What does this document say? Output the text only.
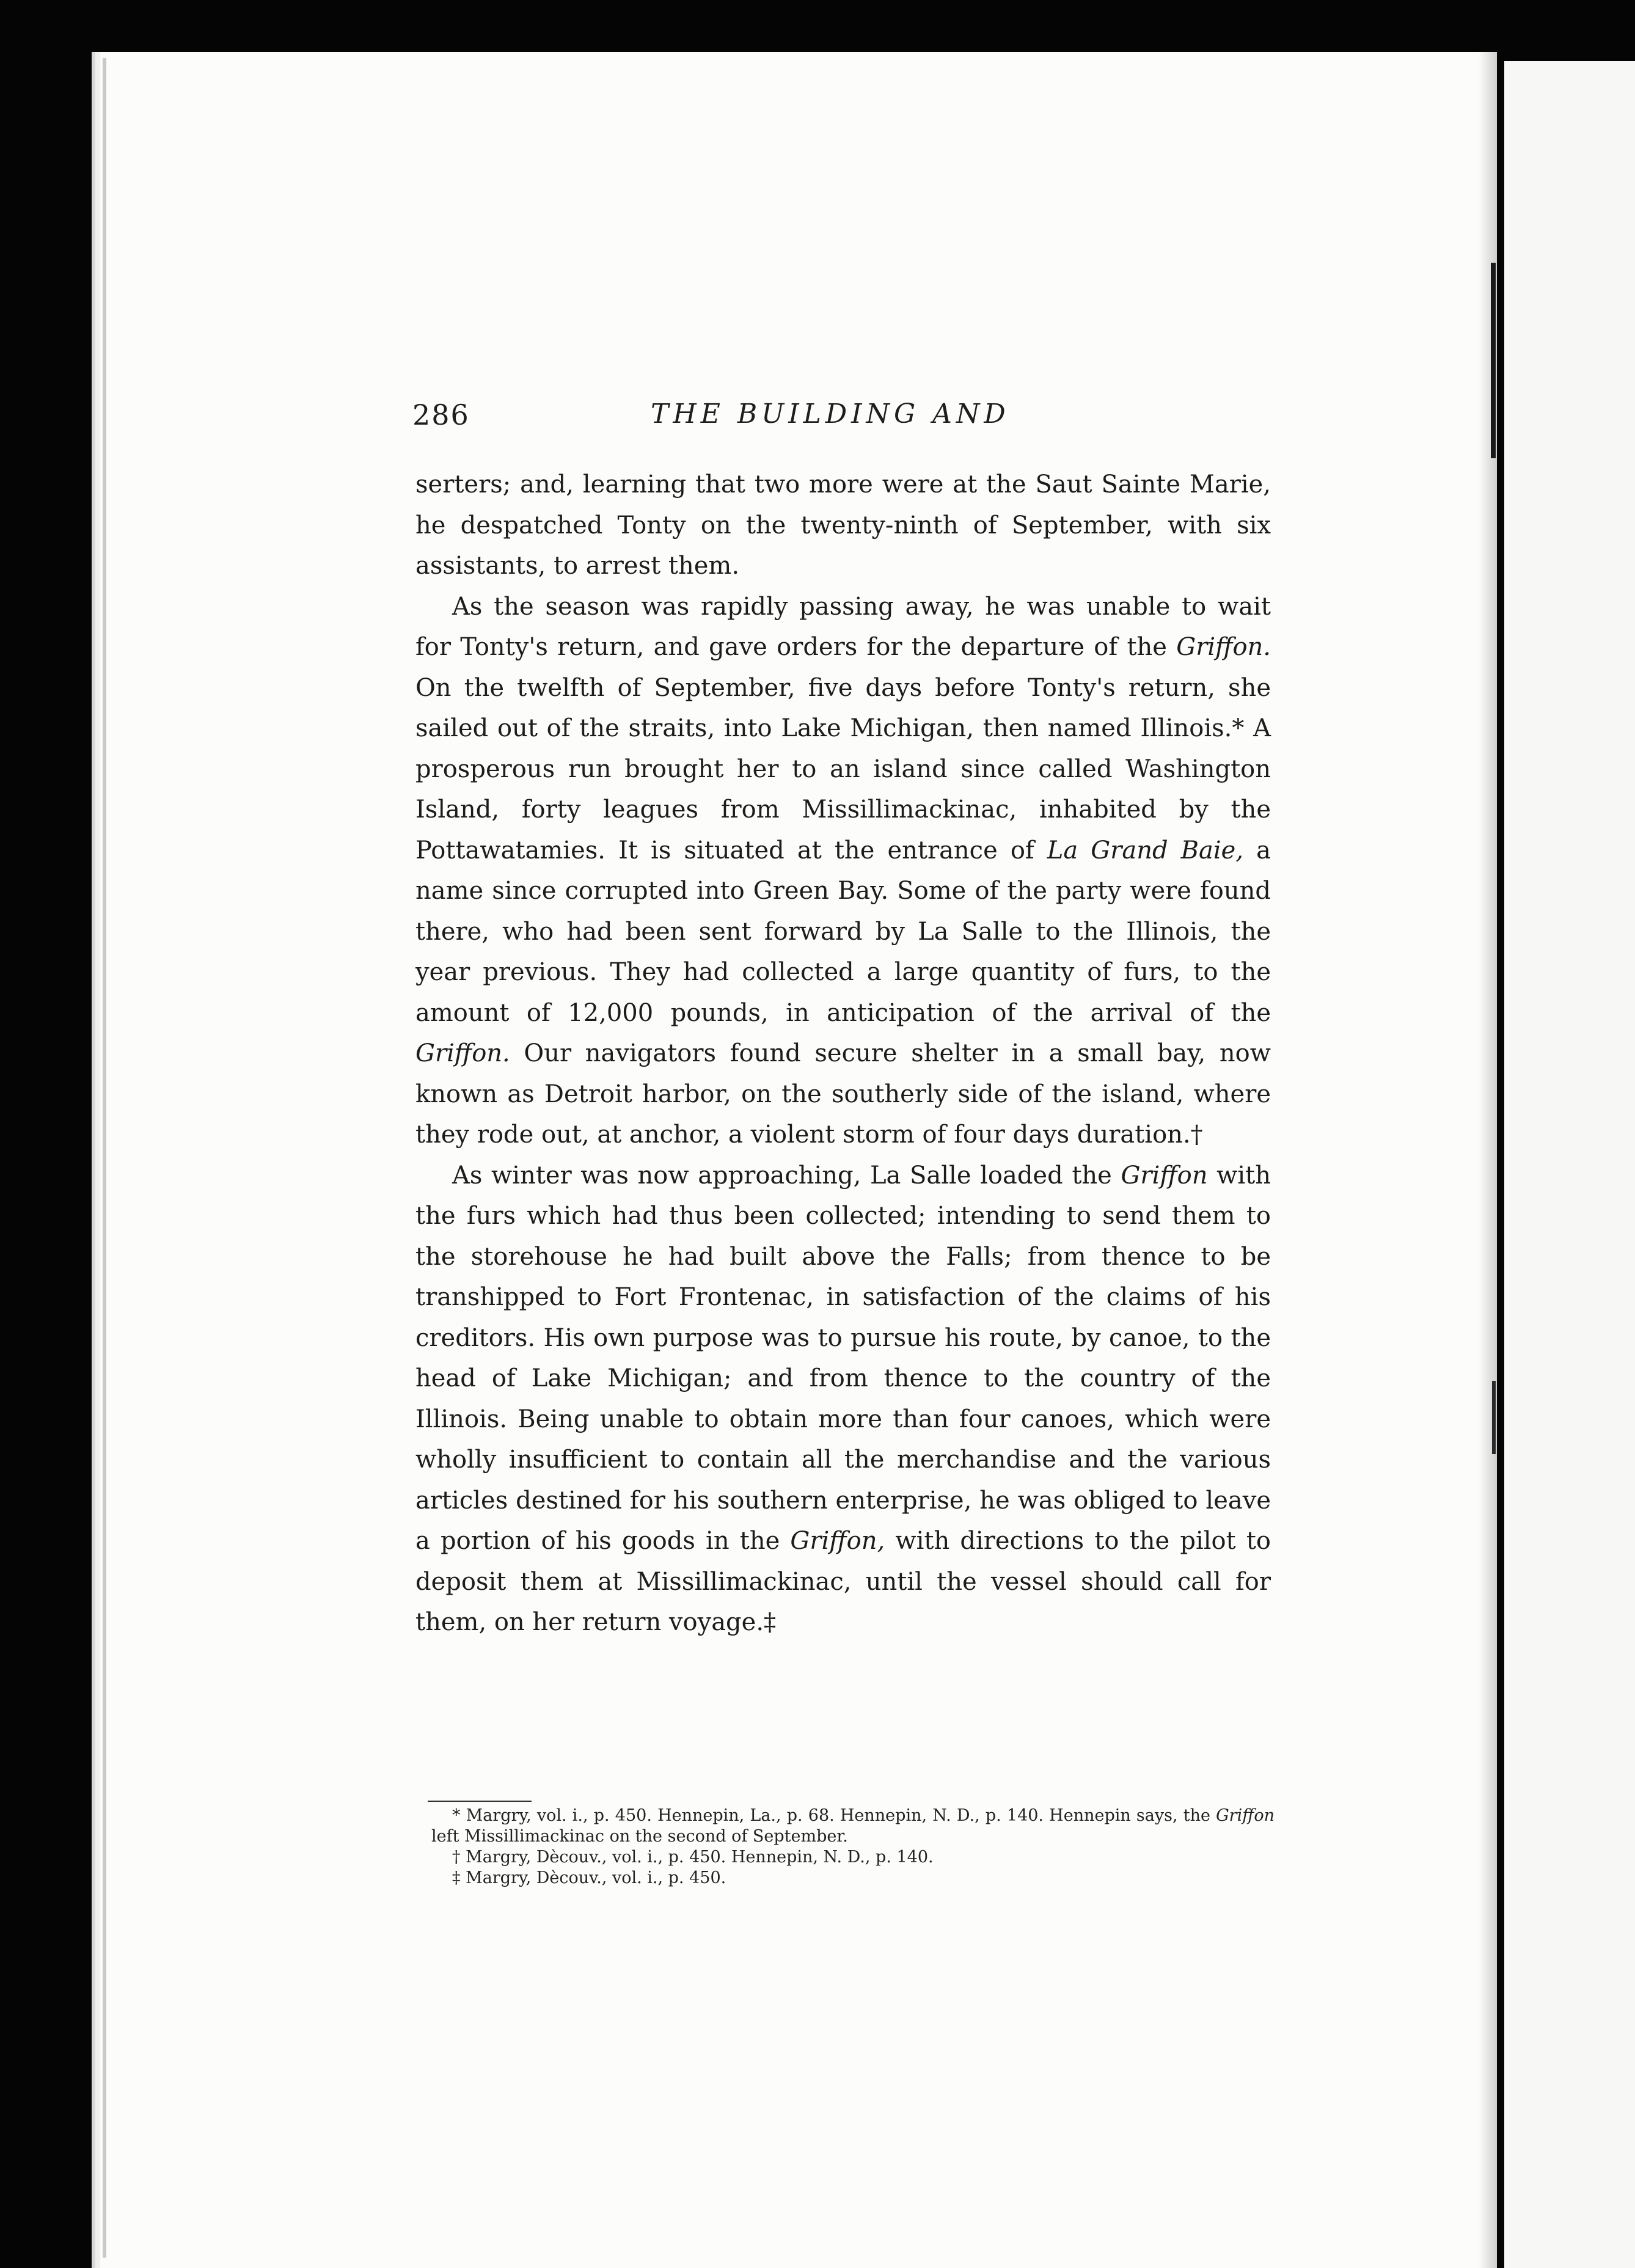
286	THE BUILDING AND

serters; and, learning that two more were at the Saut Sainte Marie, he despatched Tonty on the twenty-ninth of September, with six assistants, to arrest them.

As the season was rapidly passing away, he was unable to wait for Tonty's return, and gave orders for the departure of the Griffon. On the twelfth of September, five days before Tonty's return, she sailed out of the straits, into Lake Michigan, then named Illinois.* A prosperous run brought her to an island since called Washington Island, forty leagues from Missillimackinac, inhabited by the Pottawatamies. It is situated at the entrance of La Grand Baie, a name since corrupted into Green Bay. Some of the party were found there, who had been sent forward by La Salle to the Illinois, the year previous. They had collected a large quantity of furs, to the amount of 12,000 pounds, in anticipation of the arrival of the Griffon. Our navigators found secure shelter in a small bay, now known as Detroit harbor, on the southerly side of the island, where they rode out, at anchor, a violent storm of four days duration.†

As winter was now approaching, La Salle loaded the Griffon with the furs which had thus been collected; intending to send them to the storehouse he had built above the Falls; from thence to be transhipped to Fort Frontenac, in satisfaction of the claims of his creditors. His own purpose was to pursue his route, by canoe, to the head of Lake Michigan; and from thence to the country of the Illinois. Being unable to obtain more than four canoes, which were wholly insufficient to contain all the merchandise and the various articles destined for his southern enterprise, he was obliged to leave a portion of his goods in the Griffon, with directions to the pilot to deposit them at Missillimackinac, until the vessel should call for them, on her return voyage.‡

* Margry, vol. i., p. 450. Hennepin, La., p. 68. Hennepin, N. D., p. 140. Hennepin says, the Griffon left Missillimackinac on the second of September.

† Margry, Dècouv., vol. i., p. 450. Hennepin, N. D., p. 140.

‡ Margry, Dècouv., vol. i., p. 450.
